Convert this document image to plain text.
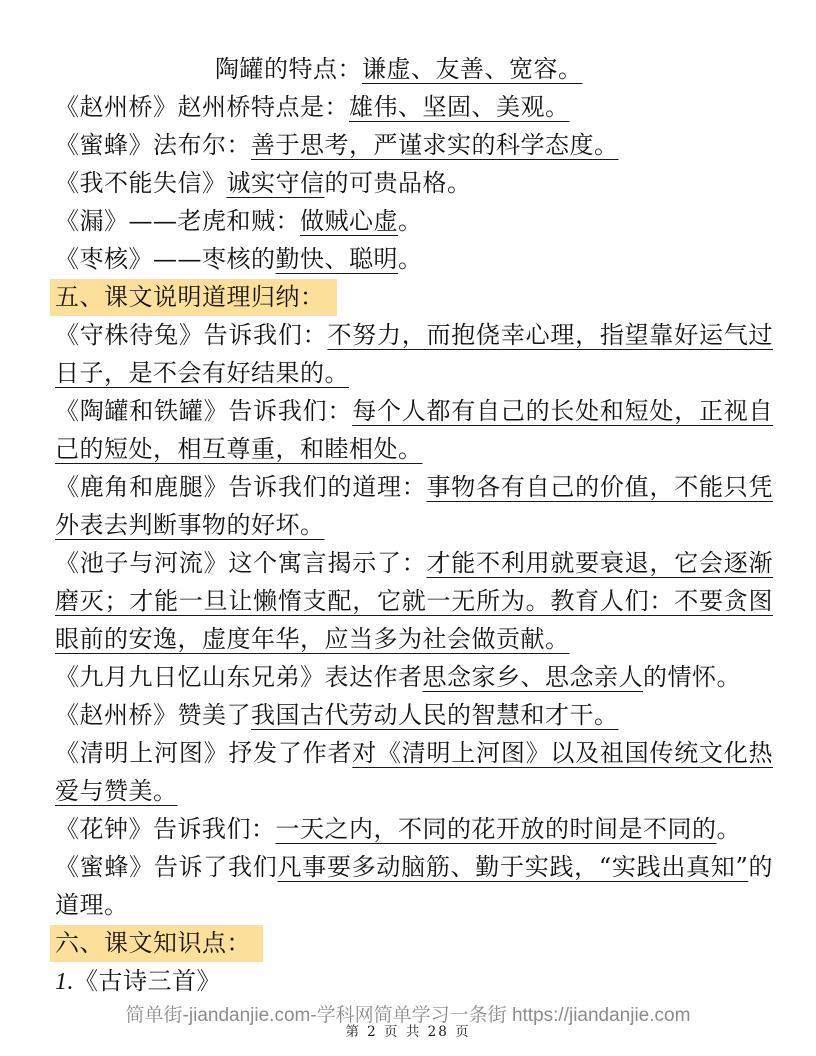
陶罐的特点：谦虚、友善、宽容。

《赵州桥》赵州桥特点是：雄伟、坚固、美观。

《蜜蜂》法布尔：善于思考，严谨求实的科学态度。

《我不能失信》诚实守信的可贵品格。

《漏》——老虎和贼：做贼心虚。

《枣核》——枣核的勤快、聪明。

五、课文说明道理归纳：

《守株待兔》告诉我们：不努力，而抱侥幸心理，指望靠好运气过日子，是不会有好结果的。

《陶罐和铁罐》告诉我们：每个人都有自己的长处和短处，正视自己的短处，相互尊重，和睦相处。

《鹿角和鹿腿》告诉我们的道理：事物各有自己的价值，不能只凭外表去判断事物的好坏。

《池子与河流》这个寓言揭示了：才能不利用就要衰退，它会逐渐磨灭；才能一旦让懒惰支配，它就一无所为。教育人们：不要贪图眼前的安逸，虚度年华，应当多为社会做贡献。

《九月九日忆山东兄弟》表达作者思念家乡、思念亲人的情怀。

《赵州桥》赞美了我国古代劳动人民的智慧和才干。

《清明上河图》抒发了作者对《清明上河图》以及祖国传统文化热爱与赞美。

《花钟》告诉我们：一天之内，不同的花开放的时间是不同的。

《蜜蜂》告诉了我们凡事要多动脑筋、勤于实践，“实践出真知”的道理。

六、课文知识点：

1.《古诗三首》

简单街-jiandanjie.com-学科网简单学习一条街 https://jiandanjie.com
第 2 页 共 28 页
